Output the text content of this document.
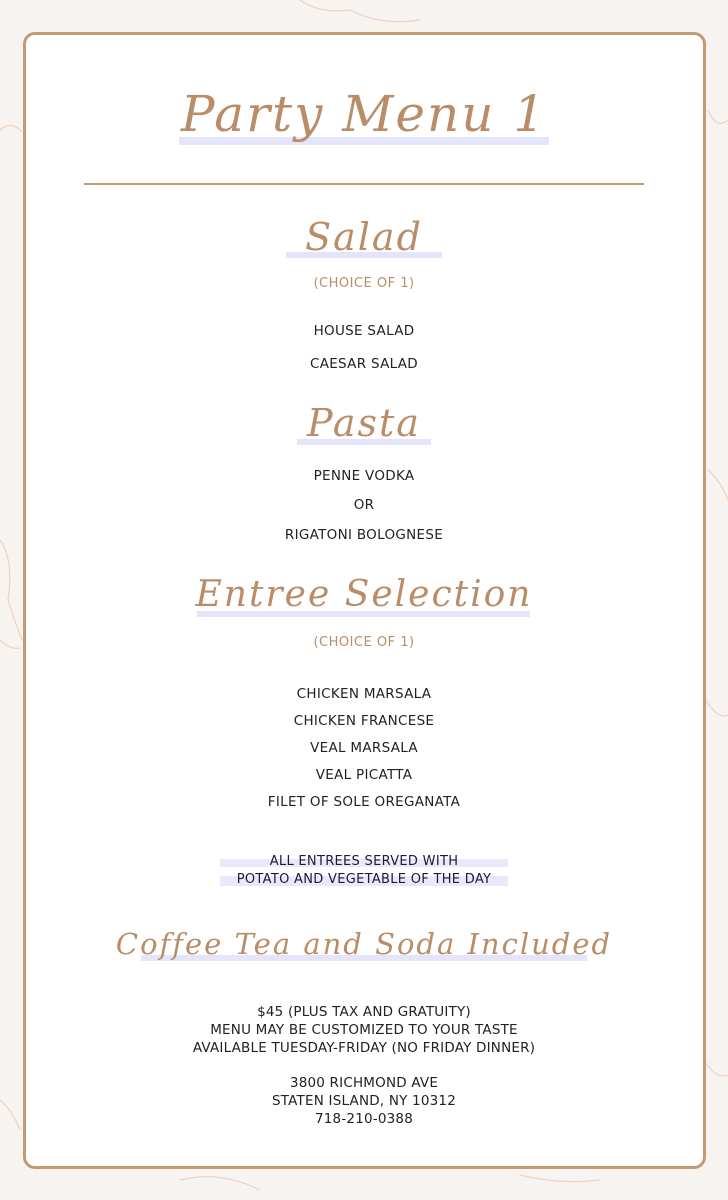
Party Menu 1
Salad
(CHOICE OF 1)
HOUSE SALAD
CAESAR SALAD
Pasta
PENNE VODKA
OR
RIGATONI BOLOGNESE
Entree Selection
(CHOICE OF 1)
CHICKEN MARSALA
CHICKEN FRANCESE
VEAL MARSALA
VEAL PICATTA
FILET OF SOLE OREGANATA
ALL ENTREES SERVED WITH
POTATO AND VEGETABLE OF THE DAY
Coffee Tea and Soda Included
$45 (PLUS TAX AND GRATUITY)
MENU MAY BE CUSTOMIZED TO YOUR TASTE
AVAILABLE TUESDAY-FRIDAY (NO FRIDAY DINNER)
3800 RICHMOND AVE
STATEN ISLAND, NY 10312
718-210-0388
